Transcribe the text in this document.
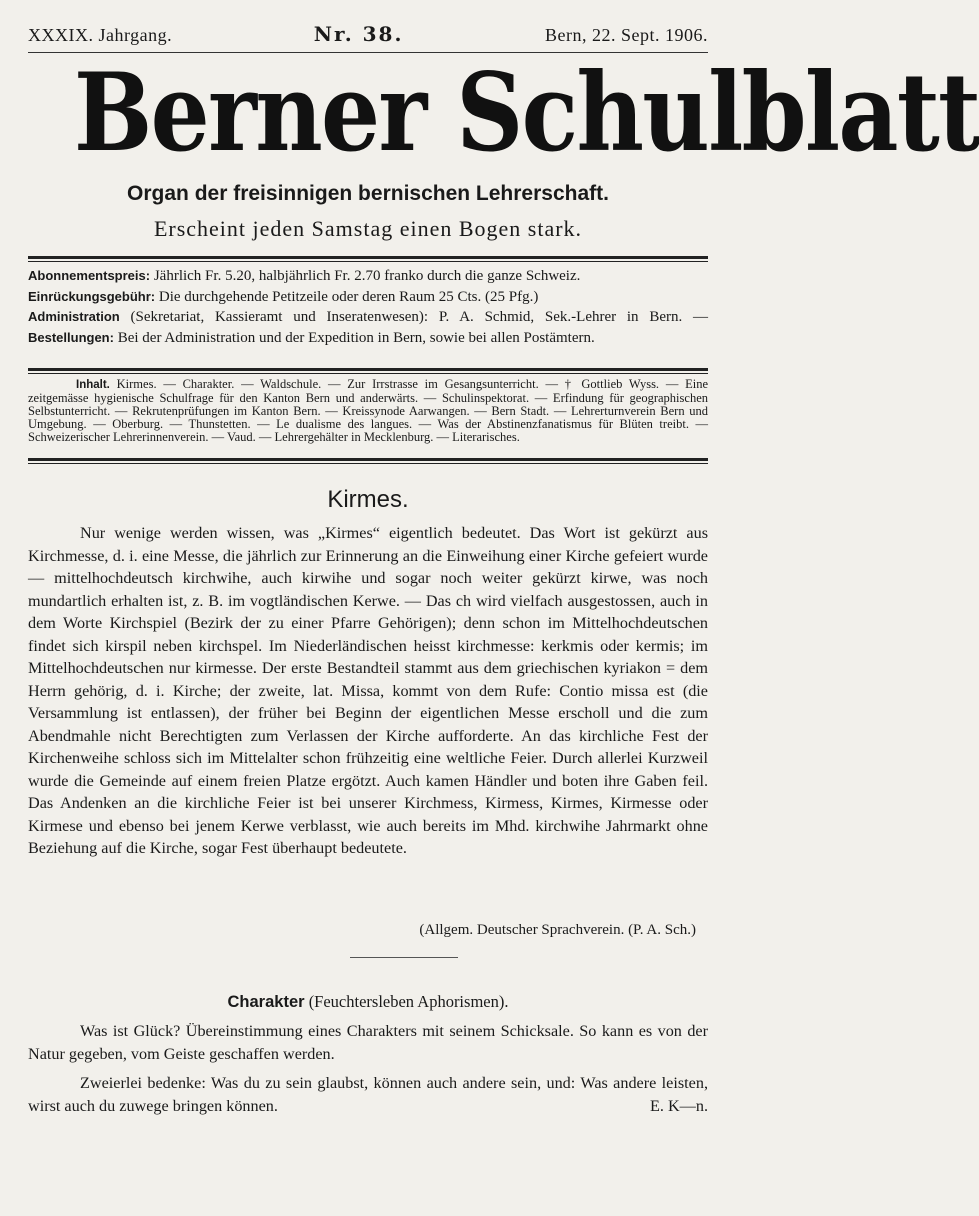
XXXIX. Jahrgang.	Nr. 38.	Bern, 22. Sept. 1906.
Berner Schulblatt
Organ der freisinnigen bernischen Lehrerschaft.
Erscheint jeden Samstag einen Bogen stark.

Abonnementspreis: Jährlich Fr. 5.20, halbjährlich Fr. 2.70 franko durch die ganze Schweiz.

Einrückungsgebühr: Die durchgehende Petitzeile oder deren Raum 25 Cts. (25 Pfg.)

Administration (Sekretariat, Kassieramt und Inseratenwesen): P. A. Schmid, Sek.-Lehrer in Bern. — Bestellungen: Bei der Administration und der Expedition in Bern, sowie bei allen Postämtern.

Inhalt. Kirmes. — Charakter. — Waldschule. — Zur Irrstrasse im Gesangsunterricht. — † Gottlieb Wyss. — Eine zeitgemässe hygienische Schulfrage für den Kanton Bern und anderwärts. — Schulinspektorat. — Erfindung für geographischen Selbstunterricht. — Rekrutenprüfungen im Kanton Bern. — Kreissynode Aarwangen. — Bern Stadt. — Lehrerturnverein Bern und Umgebung. — Oberburg. — Thunstetten. — Le dualisme des langues. — Was der Abstinenzfanatismus für Blüten treibt. — Schweizerischer Lehrerinnenverein. — Vaud. — Lehrergehälter in Mecklenburg. — Literarisches.
Kirmes.

Nur wenige werden wissen, was „Kirmes“ eigentlich bedeutet. Das Wort ist gekürzt aus Kirchmesse, d. i. eine Messe, die jährlich zur Erinnerung an die Einweihung einer Kirche gefeiert wurde — mittelhochdeutsch kirchwihe, auch kirwihe und sogar noch weiter gekürzt kirwe, was noch mundartlich erhalten ist, z. B. im vogtländischen Kerwe. — Das ch wird vielfach ausgestossen, auch in dem Worte Kirchspiel (Bezirk der zu einer Pfarre Gehörigen); denn schon im Mittelhochdeutschen findet sich kirspil neben kirchspel. Im Niederländischen heisst kirchmesse: kerkmis oder kermis; im Mittelhochdeutschen nur kirmesse. Der erste Bestandteil stammt aus dem griechischen kyriakon = dem Herrn gehörig, d. i. Kirche; der zweite, lat. Missa, kommt von dem Rufe: Contio missa est (die Versammlung ist entlassen), der früher bei Beginn der eigentlichen Messe erscholl und die zum Abendmahle nicht Berechtigten zum Verlassen der Kirche aufforderte. An das kirchliche Fest der Kirchenweihe schloss sich im Mittelalter schon frühzeitig eine weltliche Feier. Durch allerlei Kurzweil wurde die Gemeinde auf einem freien Platze ergötzt. Auch kamen Händler und boten ihre Gaben feil. Das Andenken an die kirchliche Feier ist bei unserer Kirchmess, Kirmess, Kirmes, Kirmesse oder Kirmese und ebenso bei jenem Kerwe verblasst, wie auch bereits im Mhd. kirchwihe Jahrmarkt ohne Beziehung auf die Kirche, sogar Fest überhaupt bedeutete.

(Allgem. Deutscher Sprachverein. (P. A. Sch.)
Charakter (Feuchtersleben Aphorismen).

Was ist Glück? Übereinstimmung eines Charakters mit seinem Schicksale. So kann es von der Natur gegeben, vom Geiste geschaffen werden.

Zweierlei bedenke: Was du zu sein glaubst, können auch andere sein, und: Was andere leisten, wirst auch du zuwege bringen können.	E. K—n.
